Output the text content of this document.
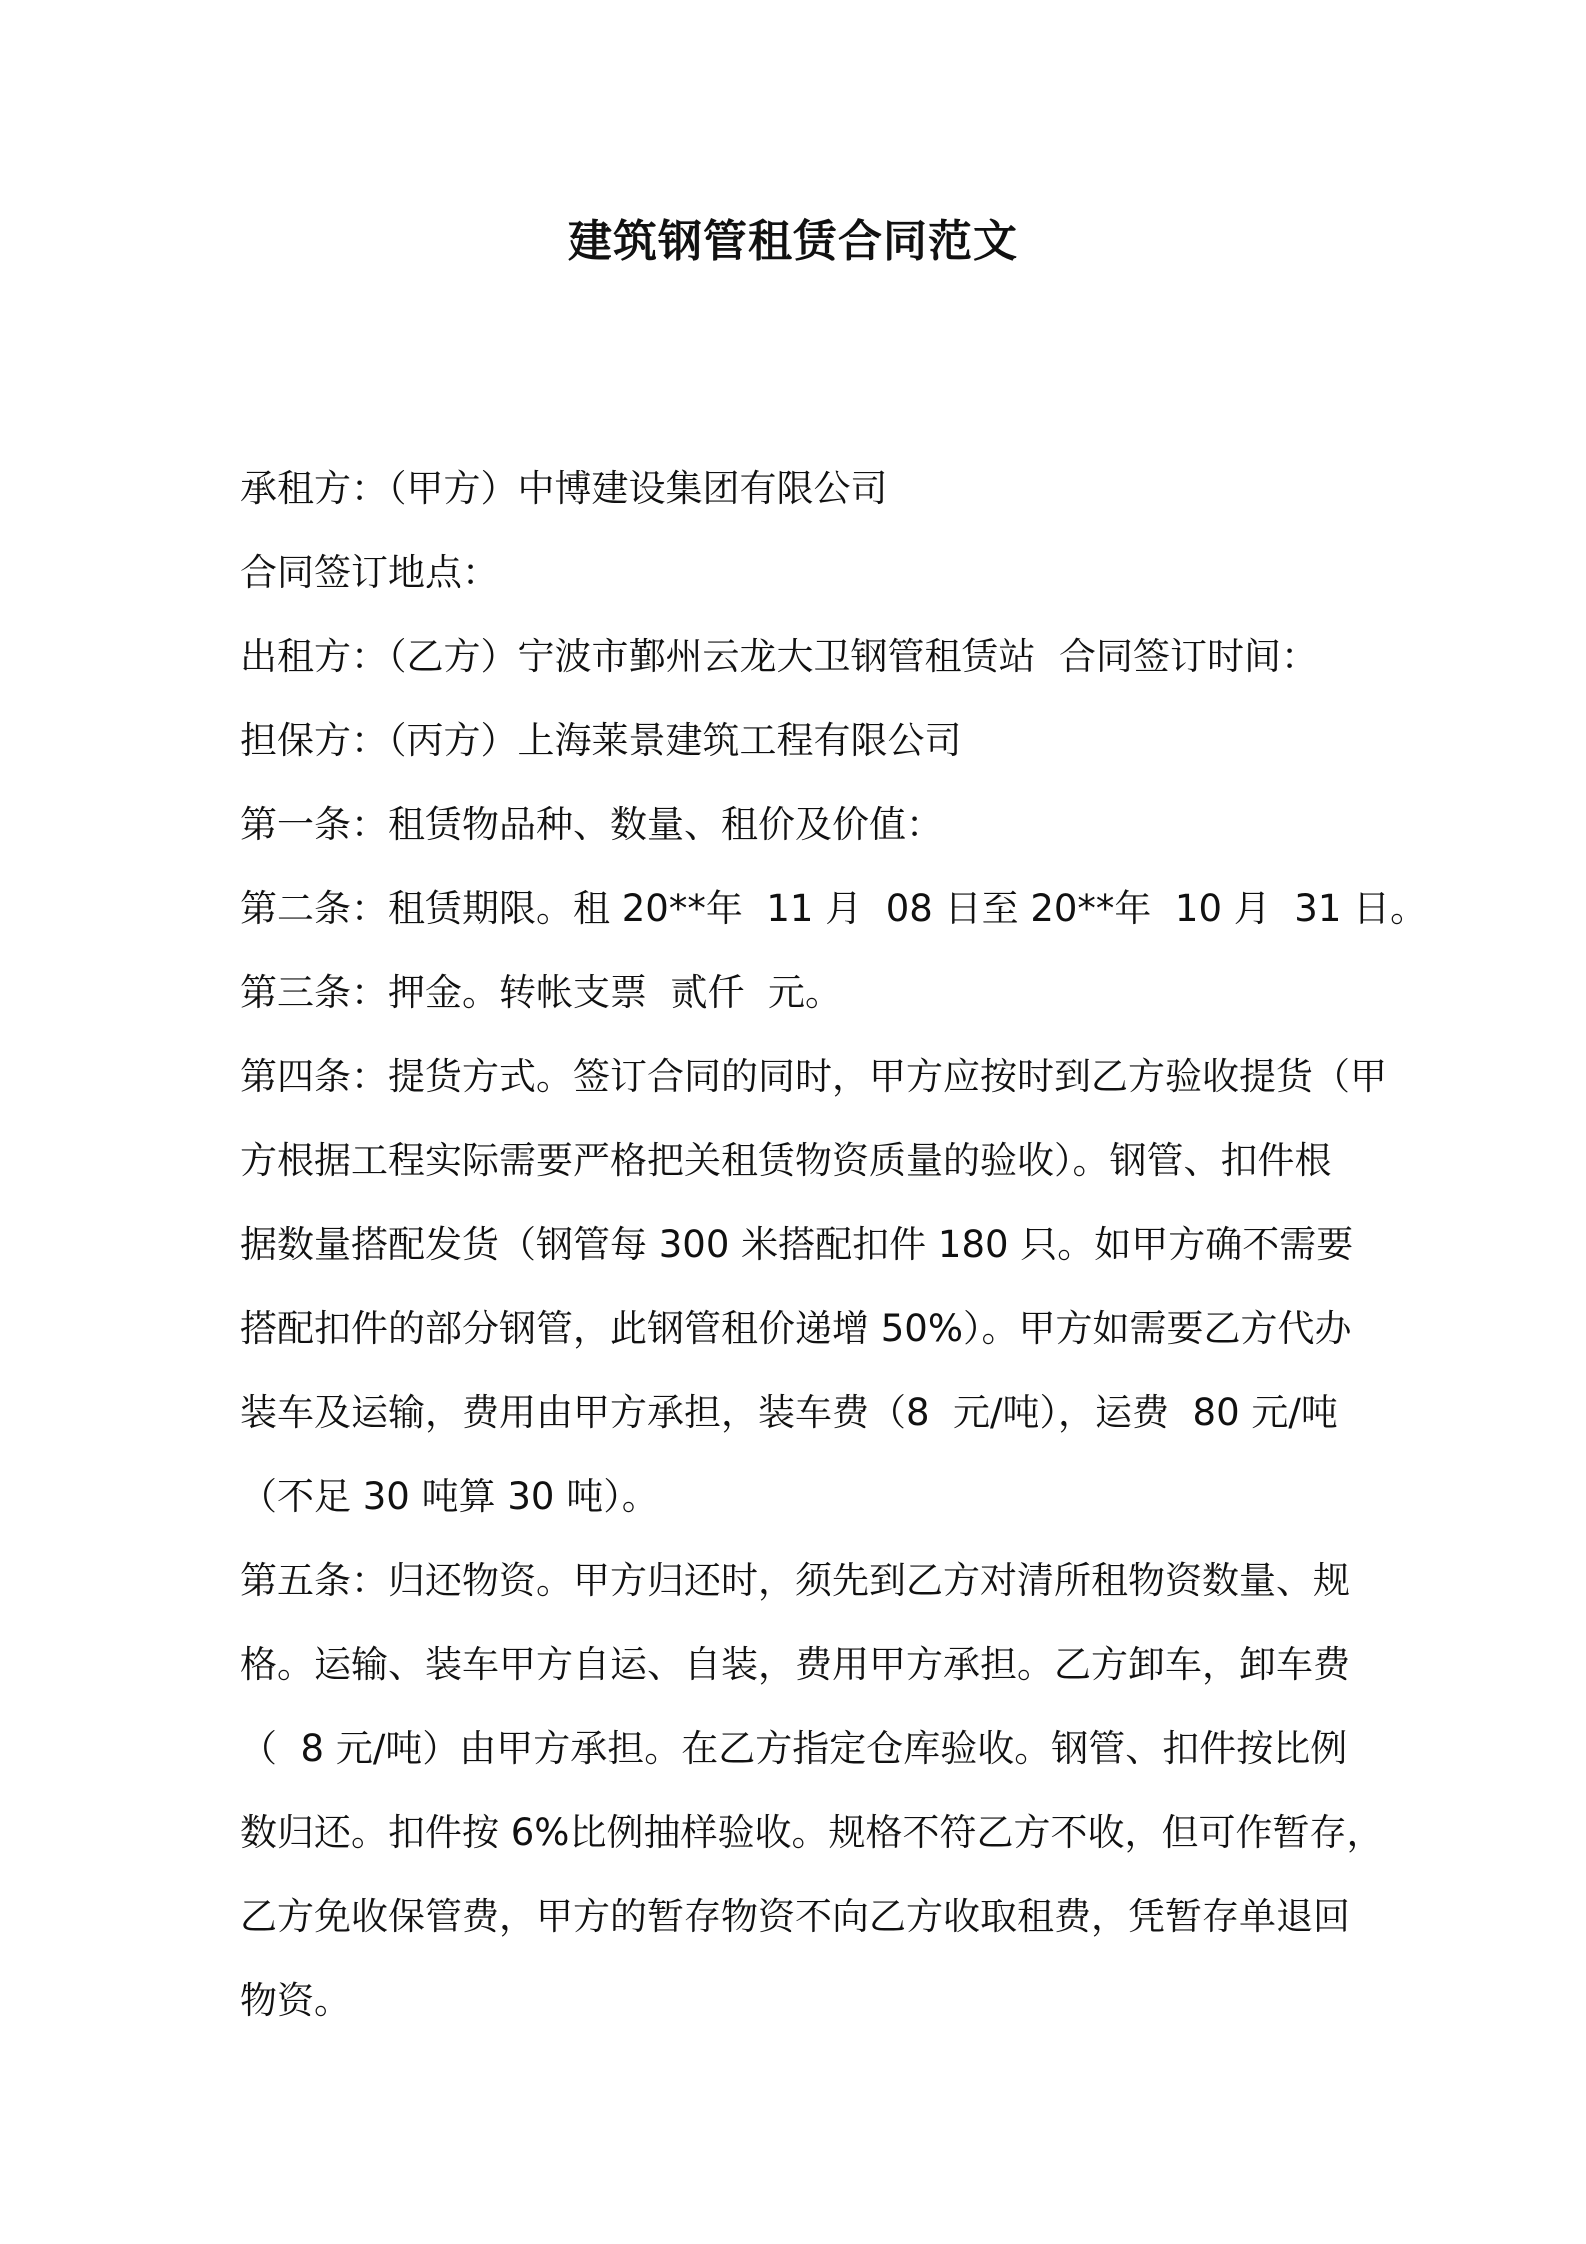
建筑钢管租赁合同范文
承租方：（甲方）中博建设集团有限公司
合同签订地点：
出租方：（乙方）宁波市鄞州云龙大卫钢管租赁站  合同签订时间：
担保方：（丙方）上海莱景建筑工程有限公司
第一条：租赁物品种、数量、租价及价值：
第二条：租赁期限。租 20**年  11 月  08 日至 20**年  10 月  31 日。
第三条：押金。转帐支票  贰仟  元。
第四条：提货方式。签订合同的同时，甲方应按时到乙方验收提货（甲
方根据工程实际需要严格把关租赁物资质量的验收）。钢管、扣件根
据数量搭配发货（钢管每 300 米搭配扣件 180 只。如甲方确不需要
搭配扣件的部分钢管，此钢管租价递增 50%）。甲方如需要乙方代办
装车及运输，费用由甲方承担，装车费（8  元/吨），运费  80 元/吨
（不足 30 吨算 30 吨）。
第五条：归还物资。甲方归还时，须先到乙方对清所租物资数量、规
格。运输、装车甲方自运、自装，费用甲方承担。乙方卸车，卸车费
（  8 元/吨）由甲方承担。在乙方指定仓库验收。钢管、扣件按比例
数归还。扣件按 6%比例抽样验收。规格不符乙方不收，但可作暂存，
乙方免收保管费，甲方的暂存物资不向乙方收取租费，凭暂存单退回
物资。
